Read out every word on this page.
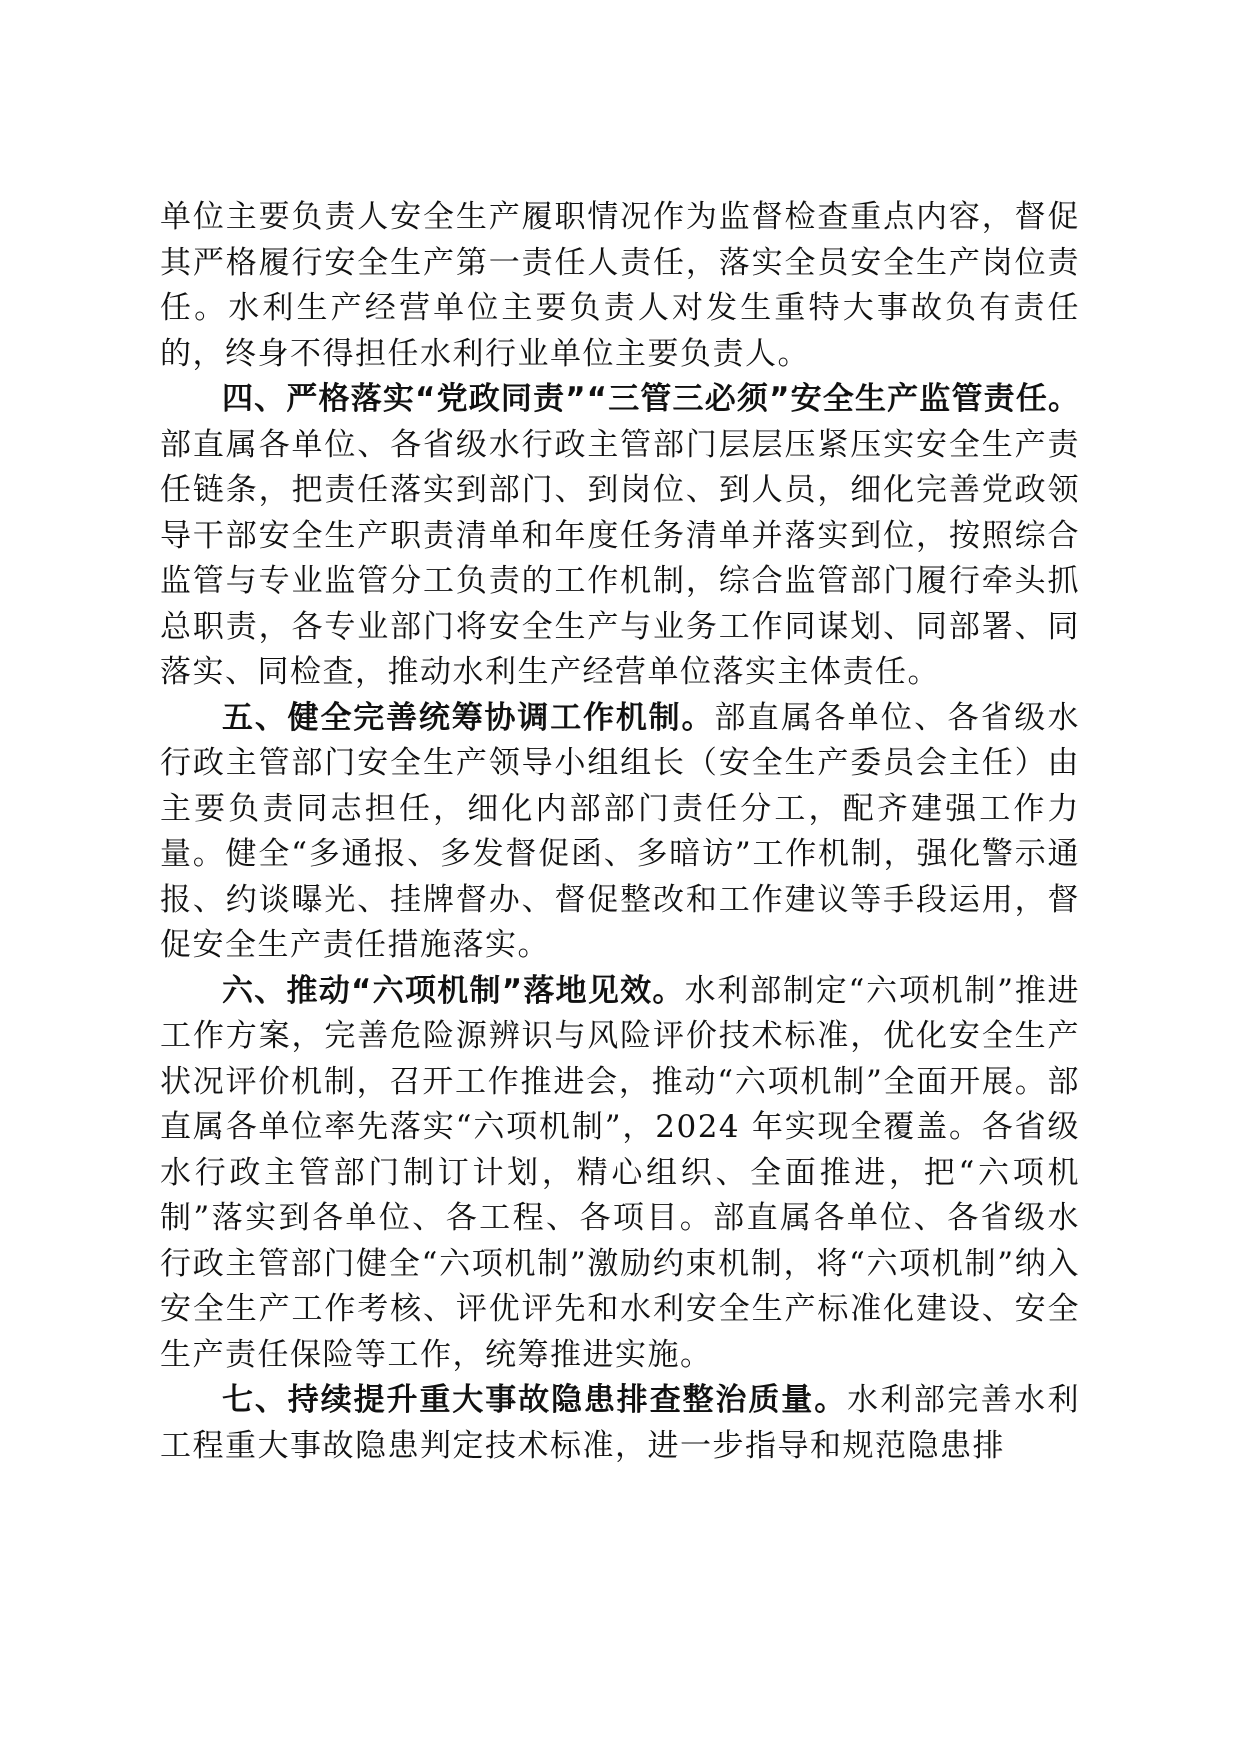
单位主要负责人安全生产履职情况作为监督检查重点内容，督促其严格履行安全生产第一责任人责任，落实全员安全生产岗位责任。水利生产经营单位主要负责人对发生重特大事故负有责任的，终身不得担任水利行业单位主要负责人。

四、严格落实“党政同责”“三管三必须”安全生产监管责任。部直属各单位、各省级水行政主管部门层层压紧压实安全生产责任链条，把责任落实到部门、到岗位、到人员，细化完善党政领导干部安全生产职责清单和年度任务清单并落实到位，按照综合监管与专业监管分工负责的工作机制，综合监管部门履行牵头抓总职责，各专业部门将安全生产与业务工作同谋划、同部署、同落实、同检查，推动水利生产经营单位落实主体责任。

五、健全完善统筹协调工作机制。部直属各单位、各省级水行政主管部门安全生产领导小组组长（安全生产委员会主任）由主要负责同志担任，细化内部部门责任分工，配齐建强工作力量。健全“多通报、多发督促函、多暗访”工作机制，强化警示通报、约谈曝光、挂牌督办、督促整改和工作建议等手段运用，督促安全生产责任措施落实。

六、推动“六项机制”落地见效。水利部制定“六项机制”推进工作方案，完善危险源辨识与风险评价技术标准，优化安全生产状况评价机制，召开工作推进会，推动“六项机制”全面开展。部直属各单位率先落实“六项机制”，2024 年实现全覆盖。各省级水行政主管部门制订计划，精心组织、全面推进，把“六项机制”落实到各单位、各工程、各项目。部直属各单位、各省级水行政主管部门健全“六项机制”激励约束机制，将“六项机制”纳入安全生产工作考核、评优评先和水利安全生产标准化建设、安全生产责任保险等工作，统筹推进实施。

七、持续提升重大事故隐患排查整治质量。水利部完善水利工程重大事故隐患判定技术标准，进一步指导和规范隐患排
